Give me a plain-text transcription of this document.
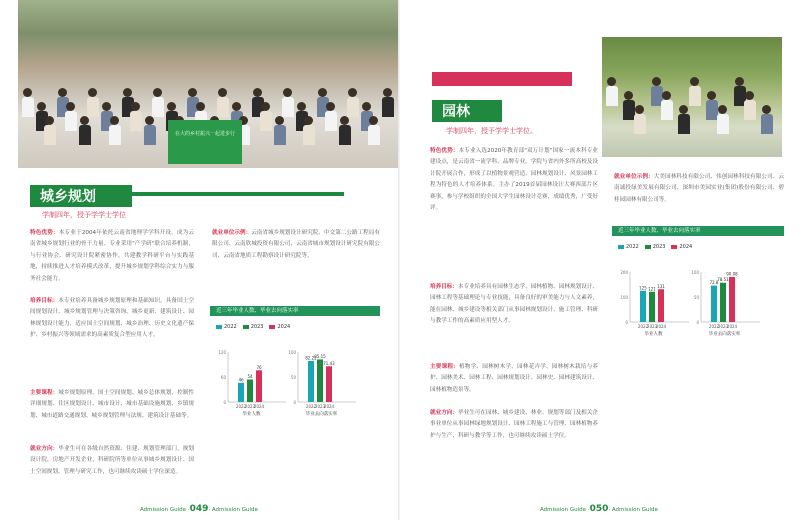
在大的乡村振兴一起进步行
城乡规划
学制四年，授予学学士学位
特色优势：本专业于2004年依托云南省地理学学科开设，成为云南省城乡规划行业的骨干力量。专业采用"产学研"联合培养机制，与行业协会、研究设计院紧密协作，共建教学科研平台与实践基地，持续推进人才培养模式改革，提升城乡规划学科综合实力与服务社会能力。
培养目标：本专业培养具备城乡规划原理和基础知识，具备国土空间规划设计、城乡规划管理与决策咨询、城乡更新、建筑设计、园林规划设计能力，适应国土空间规划、城乡治理、历史文化遗产保护、乡村振兴等领域需求的高素质复合型应用人才。
主要课程：城乡规划原理、国土空间规划、城乡总体规划、控制性详细规划、住区规划设计、城市设计、城市基础设施规划、乡镇规划、城市道路交通规划、城乡规划管理与法规、建筑设计基础等。
就业方向：毕业生可在各级自然资源、住建、规划管理部门，规划设计院，房地产开发企业，科研院所等单位从事城乡规划设计、国土空间规划、管理与研究工作，也可继续攻读硕士学位深造。
就业单位示例：云南省城乡规划设计研究院、中交第二公路工程局有限公司、云南欣城投资有限公司、云南省城市规划设计研究院有限公司、云南省地质工程勘察设计研究院等。
近三年毕业人数、毕业去向落实率
2022	2023	2024
0
60
120
46
2022
54
2023
76
2024
毕业人数
0
50
100
82.22
2022
85.15
2023
71.43
2024
毕业去向落实率
Admission Guide ·049· Admission Guide
园林
学制四年，授予学学士学位。
特色优势：本专业入选2020年教育部"双万计划"国家一流本科专业建设点，是云南省一流学科、品牌专业。学院与省内外多所高校及设计院开展合作，形成了以植物景观营造、园林规划设计、风景园林工程为特色的人才培养体系。主办了2019首届园林设计大赛西部片区赛事，参与学校组织的全国大学生园林设计竞赛，成绩优秀，广受好评。
培养目标：本专业培养具有园林生态学、园林植物、园林规划设计、园林工程等基础理论与专业技能，具备良好的审美能力与人文素养，能在园林、城乡建设等相关部门从事园林规划设计、施工管理、科研与教学工作的高素质应用型人才。
主要课程：植物学、园林树木学、园林花卉学、园林树木栽培与养护、园林美术、园林工程、园林规划设计、园林史、园林建筑设计、园林植物造景等。
就业方向：毕业生可在园林、城乡建设、林业、规划等部门及相关企事业单位从事园林绿地规划设计、园林工程施工与管理、园林植物养护与生产、科研与教学等工作，也可继续攻读硕士学位。
就业单位示例：大美园林科技有限公司、伟创园林科技有限公司、云南诚投绿美发展有限公司、深圳市美园实业(集团)股份有限公司、碧桂园园林有限公司等。
近三年毕业人数、毕业去向落实率
2022	2023	2024
0
100
200
125
2022
121
2023
131
2024
毕业人数
0
50
100
72.8
2022
78.51
2023
90.08
2024
毕业去向落实率
Admission Guide ·050· Admission Guide
